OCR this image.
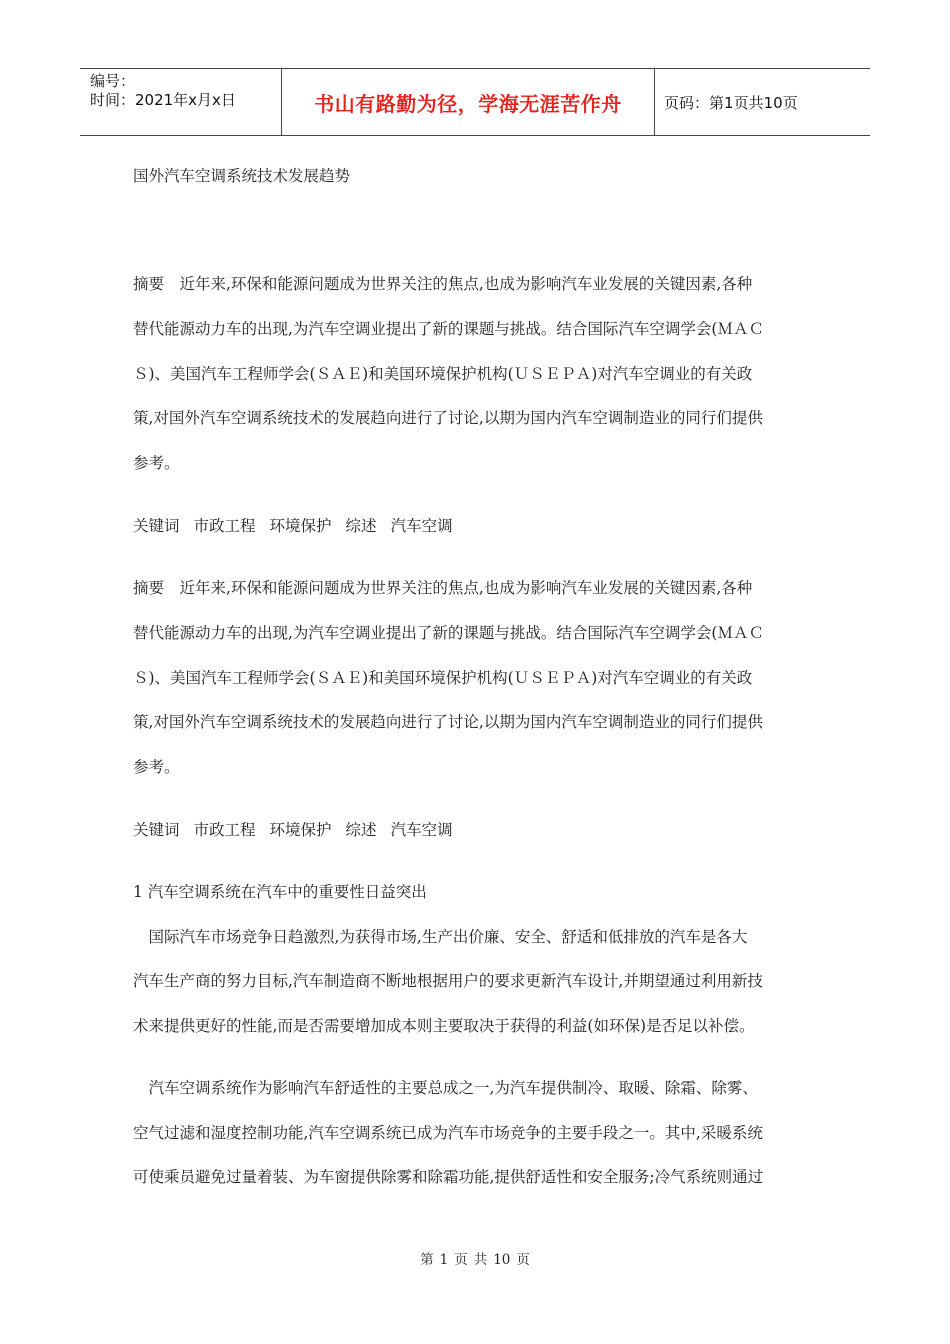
编号：
时间：2021年x月x日	书山有路勤为径，学海无涯苦作舟	页码：第1页共10页
国外汽车空调系统技术发展趋势
摘要　近年来,环保和能源问题成为世界关注的焦点,也成为影响汽车业发展的关键因素,各种
替代能源动力车的出现,为汽车空调业提出了新的课题与挑战。结合国际汽车空调学会(ＭＡＣ
Ｓ)、美国汽车工程师学会(ＳＡＥ)和美国环境保护机构(ＵＳＥＰＡ)对汽车空调业的有关政
策,对国外汽车空调系统技术的发展趋向进行了讨论,以期为国内汽车空调制造业的同行们提供
参考。
关键词 市政工程 环境保护 综述 汽车空调
摘要　近年来,环保和能源问题成为世界关注的焦点,也成为影响汽车业发展的关键因素,各种
替代能源动力车的出现,为汽车空调业提出了新的课题与挑战。结合国际汽车空调学会(ＭＡＣ
Ｓ)、美国汽车工程师学会(ＳＡＥ)和美国环境保护机构(ＵＳＥＰＡ)对汽车空调业的有关政
策,对国外汽车空调系统技术的发展趋向进行了讨论,以期为国内汽车空调制造业的同行们提供
参考。
关键词 市政工程 环境保护 综述 汽车空调
1 汽车空调系统在汽车中的重要性日益突出
　国际汽车市场竞争日趋激烈,为获得市场,生产出价廉、安全、舒适和低排放的汽车是各大
汽车生产商的努力目标,汽车制造商不断地根据用户的要求更新汽车设计,并期望通过利用新技
术来提供更好的性能,而是否需要增加成本则主要取决于获得的利益(如环保)是否足以补偿。
　汽车空调系统作为影响汽车舒适性的主要总成之一,为汽车提供制冷、取暖、除霜、除雾、
空气过滤和湿度控制功能,汽车空调系统已成为汽车市场竞争的主要手段之一。其中,采暖系统
可使乘员避免过量着装、为车窗提供除雾和除霜功能,提供舒适性和安全服务;冷气系统则通过
第 1 页 共 10 页
